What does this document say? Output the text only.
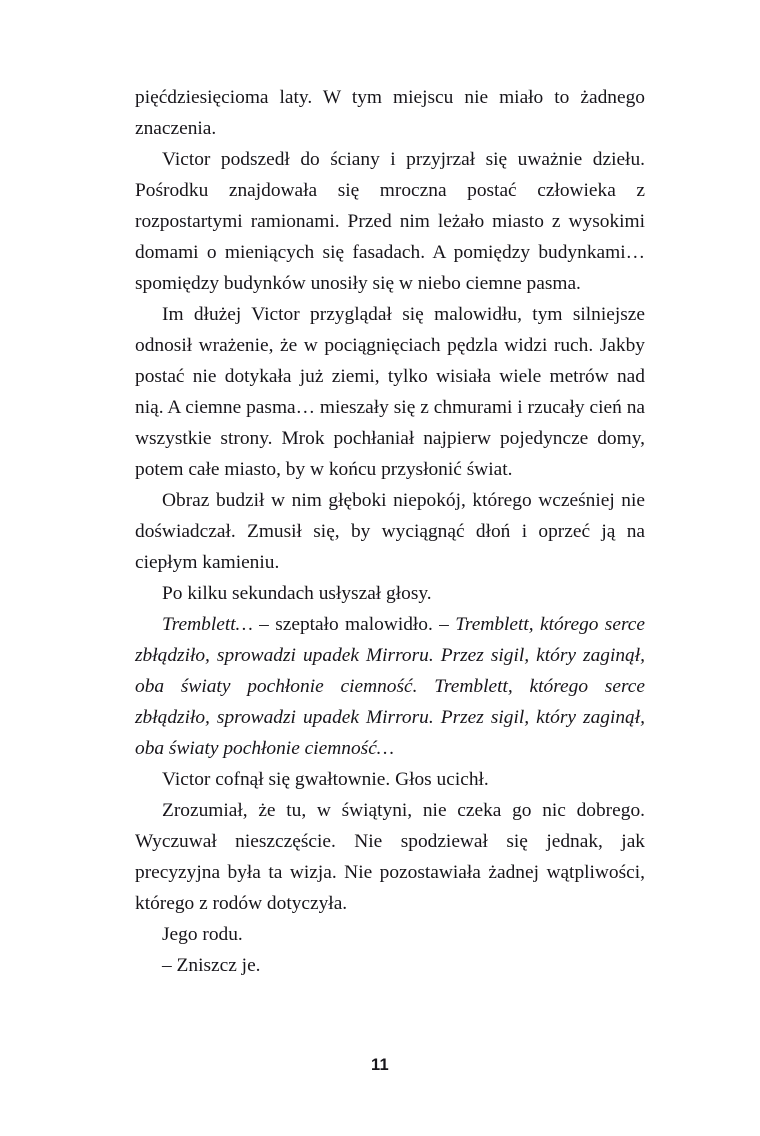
pięćdziesięcioma laty. W tym miejscu nie miało to żadnego znaczenia.

Victor podszedł do ściany i przyjrzał się uważnie dziełu. Pośrodku znajdowała się mroczna postać człowieka z rozpostartymi ramionami. Przed nim leżało miasto z wysokimi domami o mieniących się fasadach. A pomiędzy budynkami… spomiędzy budynków unosiły się w niebo ciemne pasma.

Im dłużej Victor przyglądał się malowidłu, tym silniejsze odnosił wrażenie, że w pociągnięciach pędzla widzi ruch. Jakby postać nie dotykała już ziemi, tylko wisiała wiele metrów nad nią. A ciemne pasma… mieszały się z chmurami i rzucały cień na wszystkie strony. Mrok pochłaniał najpierw pojedyncze domy, potem całe miasto, by w końcu przysłonić świat.

Obraz budził w nim głęboki niepokój, którego wcześniej nie doświadczał. Zmusił się, by wyciągnąć dłoń i oprzeć ją na ciepłym kamieniu.

Po kilku sekundach usłyszał głosy.

Tremblett… – szeptało malowidło. – Tremblett, którego serce zbłądziło, sprowadzi upadek Mirroru. Przez sigil, który zaginął, oba światy pochłonie ciemność. Tremblett, którego serce zbłądziło, sprowadzi upadek Mirroru. Przez sigil, który zaginął, oba światy pochłonie ciemność…

Victor cofnął się gwałtownie. Głos ucichł.

Zrozumiał, że tu, w świątyni, nie czeka go nic dobrego. Wyczuwał nieszczęście. Nie spodziewał się jednak, jak precyzyjna była ta wizja. Nie pozostawiała żadnej wątpliwości, którego z rodów dotyczyła.

Jego rodu.

– Zniszcz je.

11
